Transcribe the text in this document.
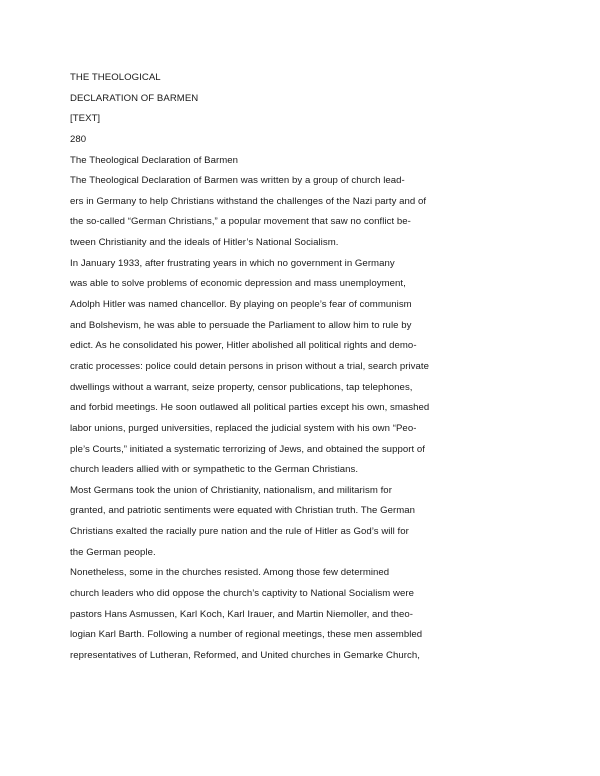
THE THEOLOGICAL
DECLARATION OF BARMEN
[TEXT]
280
The Theological Declaration of Barmen
The Theological Declaration of Barmen was written by a group of church lead-
ers in Germany to help Christians withstand the challenges of the Nazi party and of
the so-called “German Christians,” a popular movement that saw no conflict be-
tween Christianity and the ideals of Hitler’s National Socialism.
In January 1933, after frustrating years in which no government in Germany
was able to solve problems of economic depression and mass unemployment,
Adolph Hitler was named chancellor. By playing on people’s fear of communism
and Bolshevism, he was able to persuade the Parliament to allow him to rule by
edict. As he consolidated his power, Hitler abolished all political rights and demo-
cratic processes: police could detain persons in prison without a trial, search private
dwellings without a warrant, seize property, censor publications, tap telephones,
and forbid meetings. He soon outlawed all political parties except his own, smashed
labor unions, purged universities, replaced the judicial system with his own “Peo-
ple’s Courts,” initiated a systematic terrorizing of Jews, and obtained the support of
church leaders allied with or sympathetic to the German Christians.
Most Germans took the union of Christianity, nationalism, and militarism for
granted, and patriotic sentiments were equated with Christian truth. The German
Christians exalted the racially pure nation and the rule of Hitler as God’s will for
the German people.
Nonetheless, some in the churches resisted. Among those few determined
church leaders who did oppose the church’s captivity to National Socialism were
pastors Hans Asmussen, Karl Koch, Karl Irauer, and Martin Niemoller, and theo-
logian Karl Barth. Following a number of regional meetings, these men assembled
representatives of Lutheran, Reformed, and United churches in Gemarke Church,
